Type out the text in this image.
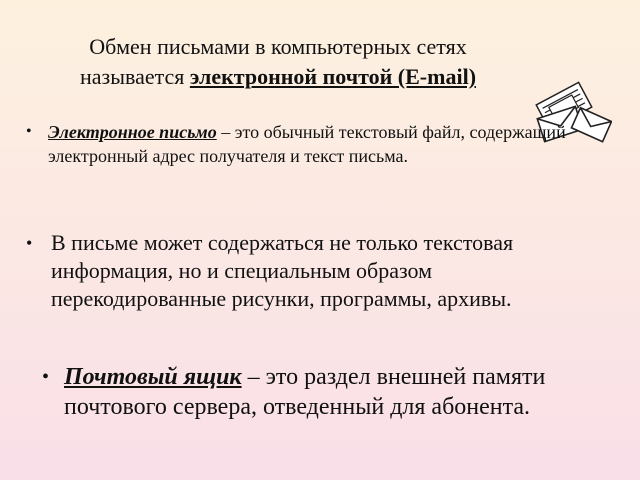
Обмен письмами в компьютерных сетях
называется электронной почтой (E-mail)
• Электронное письмо – это обычный текстовый файл, содержащий электронный адрес получателя и текст письма.
• В письме может содержаться не только текстовая информация, но и специальным образом перекодированные рисунки, программы, архивы.
• Почтовый ящик – это раздел внешней памяти почтового сервера, отведенный для абонента.
